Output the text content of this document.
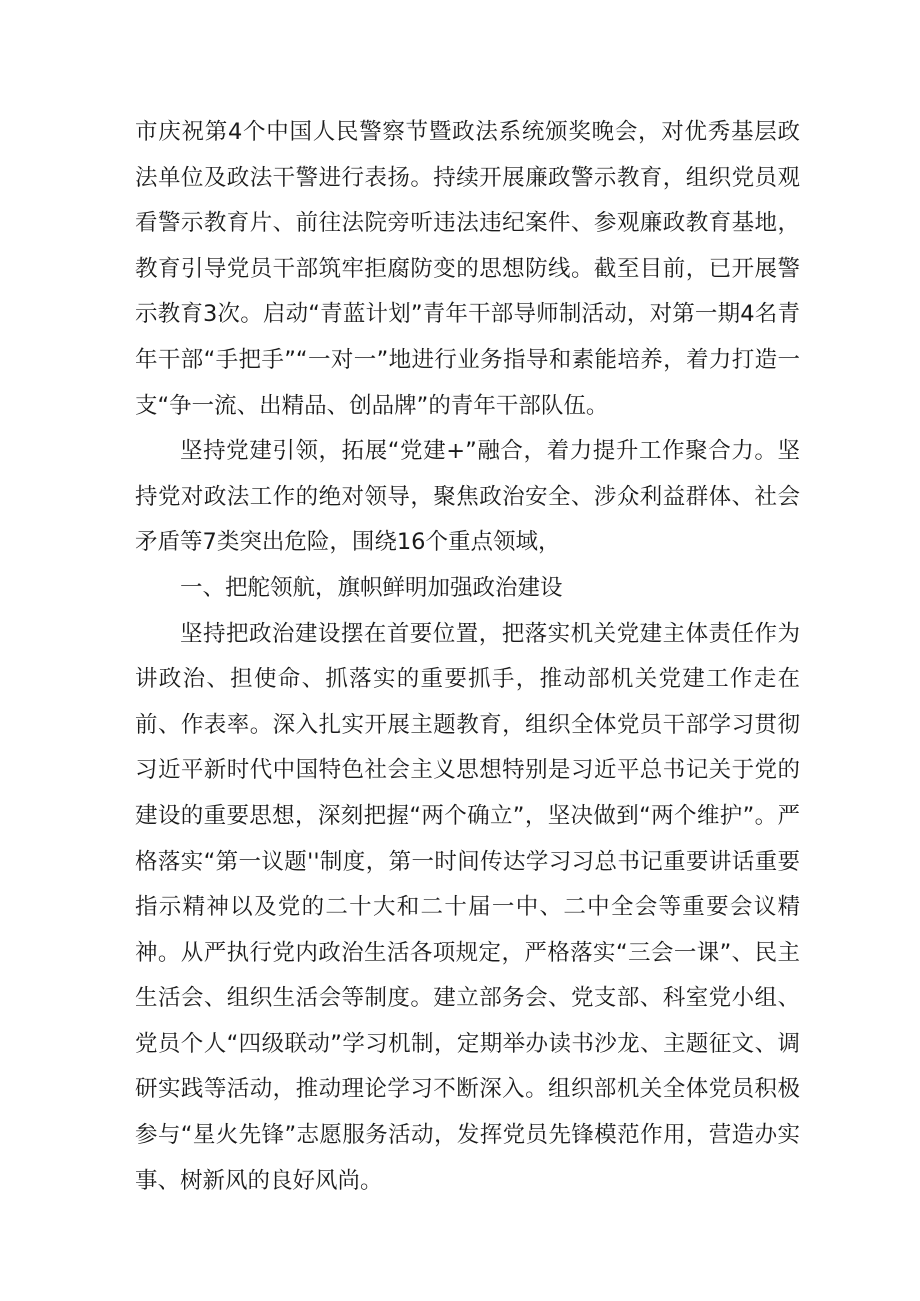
市庆祝第4个中国人民警察节暨政法系统颁奖晚会，对优秀基层政法单位及政法干警进行表扬。持续开展廉政警示教育，组织党员观看警示教育片、前往法院旁听违法违纪案件、参观廉政教育基地，教育引导党员干部筑牢拒腐防变的思想防线。截至目前，已开展警示教育3次。启动“青蓝计划”青年干部导师制活动，对第一期4名青年干部“手把手”“一对一”地进行业务指导和素能培养，着力打造一支“争一流、出精品、创品牌”的青年干部队伍。

坚持党建引领，拓展“党建+”融合，着力提升工作聚合力。坚持党对政法工作的绝对领导，聚焦政治安全、涉众利益群体、社会矛盾等7类突出危险，围绕16个重点领域，

一、把舵领航，旗帜鲜明加强政治建设

坚持把政治建设摆在首要位置，把落实机关党建主体责任作为讲政治、担使命、抓落实的重要抓手，推动部机关党建工作走在前、作表率。深入扎实开展主题教育，组织全体党员干部学习贯彻习近平新时代中国特色社会主义思想特别是习近平总书记关于党的建设的重要思想，深刻把握“两个确立”，坚决做到“两个维护”。严格落实“第一议题''制度，第一时间传达学习习总书记重要讲话重要指示精神以及党的二十大和二十届一中、二中全会等重要会议精神。从严执行党内政治生活各项规定，严格落实“三会一课”、民主生活会、组织生活会等制度。建立部务会、党支部、科室党小组、党员个人“四级联动”学习机制，定期举办读书沙龙、主题征文、调研实践等活动，推动理论学习不断深入。组织部机关全体党员积极参与“星火先锋”志愿服务活动，发挥党员先锋模范作用，营造办实事、树新风的良好风尚。
